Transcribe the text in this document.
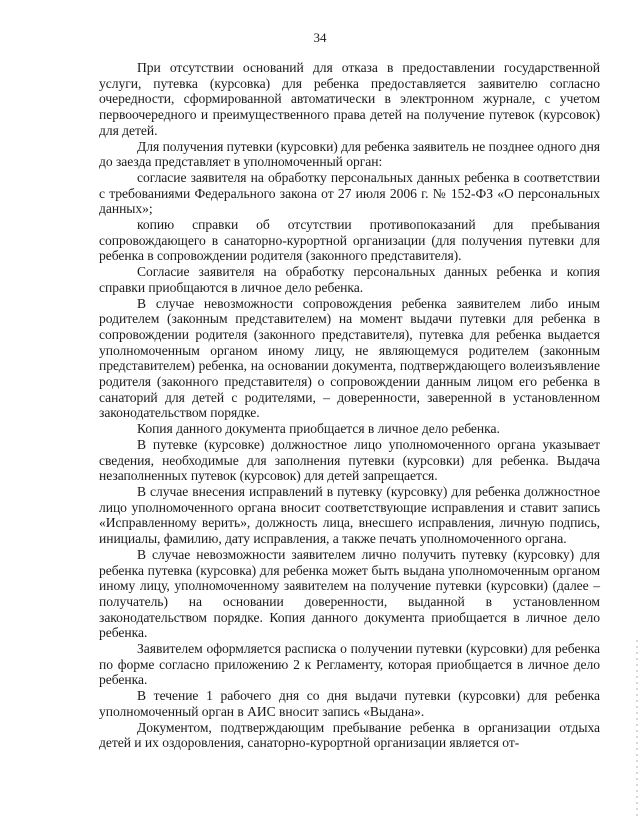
34

При отсутствии оснований для отказа в предоставлении государственной услуги, путевка (курсовка) для ребенка предоставляется заявителю согласно очередности, сформированной автоматически в электронном журнале, с учетом первоочередного и преимущественного права детей на получение путевок (курсовок) для детей.

Для получения путевки (курсовки) для ребенка заявитель не позднее одного дня до заезда представляет в уполномоченный орган:

согласие заявителя на обработку персональных данных ребенка в соответствии с требованиями Федерального закона от 27 июля 2006 г. № 152-ФЗ «О персональных данных»;

копию справки об отсутствии противопоказаний для пребывания сопровождающего в санаторно-курортной организации (для получения путевки для ребенка в сопровождении родителя (законного представителя).

Согласие заявителя на обработку персональных данных ребенка и копия справки приобщаются в личное дело ребенка.

В случае невозможности сопровождения ребенка заявителем либо иным родителем (законным представителем) на момент выдачи путевки для ребенка в сопровождении родителя (законного представителя), путевка для ребенка выдается уполномоченным органом иному лицу, не являющемуся родителем (законным представителем) ребенка, на основании документа, подтверждающего волеизъявление родителя (законного представителя) о сопровождении данным лицом его ребенка в санаторий для детей с родителями, – доверенности, заверенной в установленном законодательством порядке.

Копия данного документа приобщается в личное дело ребенка.

В путевке (курсовке) должностное лицо уполномоченного органа указывает сведения, необходимые для заполнения путевки (курсовки) для ребенка. Выдача незаполненных путевок (курсовок) для детей запрещается.

В случае внесения исправлений в путевку (курсовку) для ребенка должностное лицо уполномоченного органа вносит соответствующие исправления и ставит запись «Исправленному верить», должность лица, внесшего исправления, личную подпись, инициалы, фамилию, дату исправления, а также печать уполномоченного органа.

В случае невозможности заявителем лично получить путевку (курсовку) для ребенка путевка (курсовка) для ребенка может быть выдана уполномоченным органом иному лицу, уполномоченному заявителем на получение путевки (курсовки) (далее – получатель) на основании доверенности, выданной в установленном законодательством порядке. Копия данного документа приобщается в личное дело ребенка.

Заявителем оформляется расписка о получении путевки (курсовки) для ребенка по форме согласно приложению 2 к Регламенту, которая приобщается в личное дело ребенка.

В течение 1 рабочего дня со дня выдачи путевки (курсовки) для ребенка уполномоченный орган в АИС вносит запись «Выдана».

Документом, подтверждающим пребывание ребенка в организации отдыха детей и их оздоровления, санаторно-курортной организации является от-
